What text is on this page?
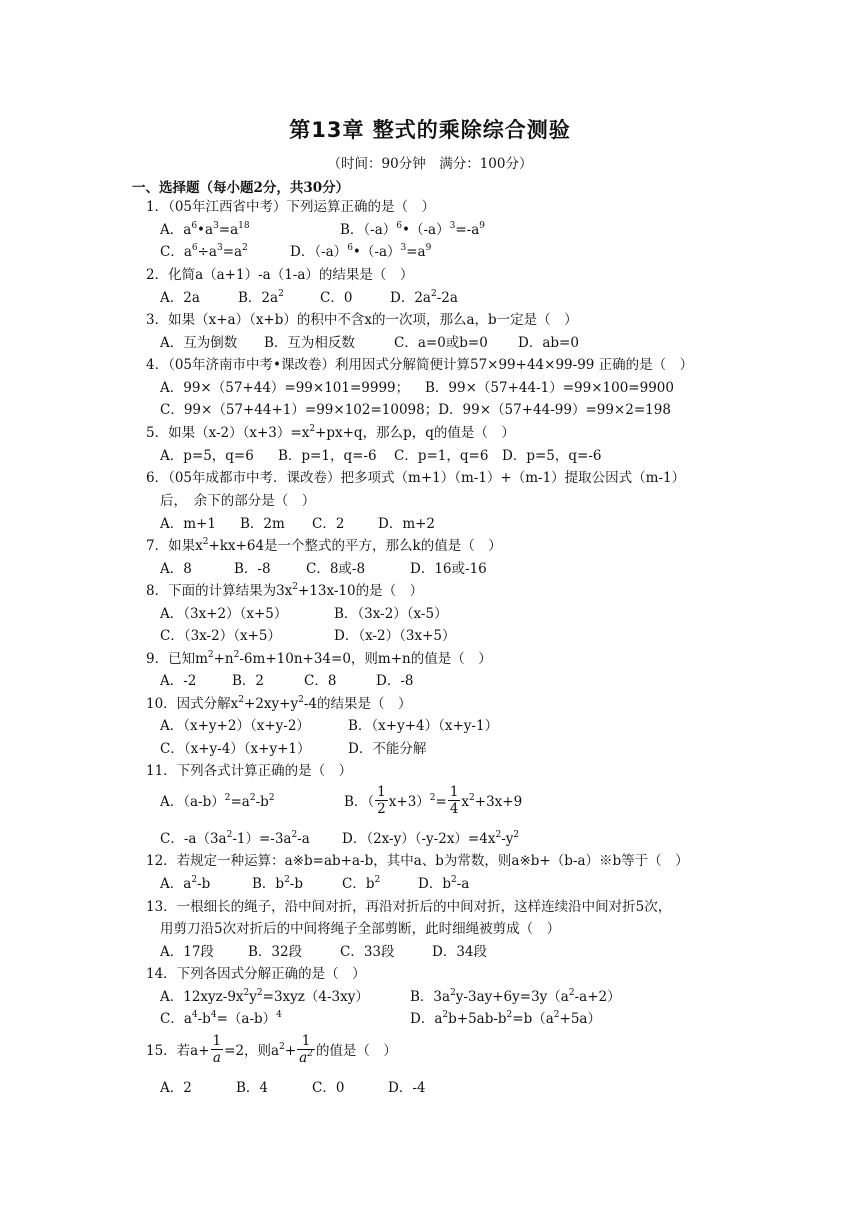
第13章 整式的乘除综合测验
（时间：90分钟　满分：100分）
一、选择题（每小题2分，共30分）
1．（05年江西省中考）下列运算正确的是（　）
A．$a^6•a^3=a^{18}$	B．$(-a)^6•(-a)^3=-a^9$
C．$a^6\div a^3=a^2$	D．$(-a)^6•(-a)^3=a^9$
2．化简a（a+1）-a（1-a）的结果是（　）
A．2a	B．$2a^2$	C．0	D．$2a^2-2a$
3．如果（x+a）（x+b）的积中不含x的一次项，那么a，b一定是（　）
A．互为倒数 B．互为相反数	C．a=0或b=0 D．ab=0
4．（05年济南市中考•课改卷）利用因式分解简便计算57×99+44×99-99 正确的是（　）
A．99×（57+44）=99×101=9999； B．99×（57+44-1）=99×100=9900
C．99×（57+44+1）=99×102=10098；D．99×（57+44-99）=99×2=198
5．如果$(x-2)(x+3)=x^2+px+q$，那么p，q的值是（　）
A．p=5，q=6 B．p=1，q=-6 C．p=1，q=6 D．p=5，q=-6
6．（05年成都市中考．课改卷）把多项式（m+1）（m-1）+（m-1）提取公因式（m-1）
后，　余下的部分是（　）
A．m+1 B．2m C．2 D．m+2
7．如果$x^2+kx+64$是一个整式的平方，那么k的值是（　）
A．8	B．-8	C．8或-8	D．16或-16
8．下面的计算结果为$3x^2+13x-10$的是（　）
A．（3x+2）（x+5）	B．（3x-2）（x-5）
C．（3x-2）（x+5）	D．（x-2）（3x+5）
9．已知$m^2+n^2-6m+10n+34=0$，则m+n的值是（　）
A．-2	B．2	C．8	D．-8
10．因式分解$x^2+2xy+y^2-4$的结果是（　）
A．（x+y+2）（x+y-2）	B．（x+y+4）（x+y-1）
C．（x+y-4）（x+y+1）	D．不能分解
11．下列各式计算正确的是（　）
A．$(a-b)^2=a^2-b^2$	B．（ $\frac{1}{2} x+3)^2= \frac{1}{4} x^2+3x+9$
C．$-a(3a^2-1)=-3a^2-a$ D．$(2x-y)(-y-2x)=4x^2-y^2$
12．若规定一种运算：a※b=ab+a-b，其中a、b为常数，则a※b+（b-a）※b等于（　）
A．$a^2-b$	B．$b^2-b$	C．$b^2$	D．$b^2-a$
13．一根细长的绳子，沿中间对折，再沿对折后的中间对折，这样连续沿中间对折5次，
用剪刀沿5次对折后的中间将绳子全部剪断，此时细绳被剪成（　）
A．17段	B．32段	C．33段	D．34段
14．下列各因式分解正确的是（　）
A．$12xyz-9x^2y^2=3xyz(4-3xy)$	B．$3a^2y-3ay+6y=3y(a^2-a+2)$
C．$a^4-b^4=(a-b)^4$	D．$a^2b+5ab-b^2=b(a^2+5a)$
15．若$a+ \frac{1}{a} =2$，则$a^2+ \frac{1}{a^2}$ 的值是（　）
A．2	B．4	C．0	D．-4
